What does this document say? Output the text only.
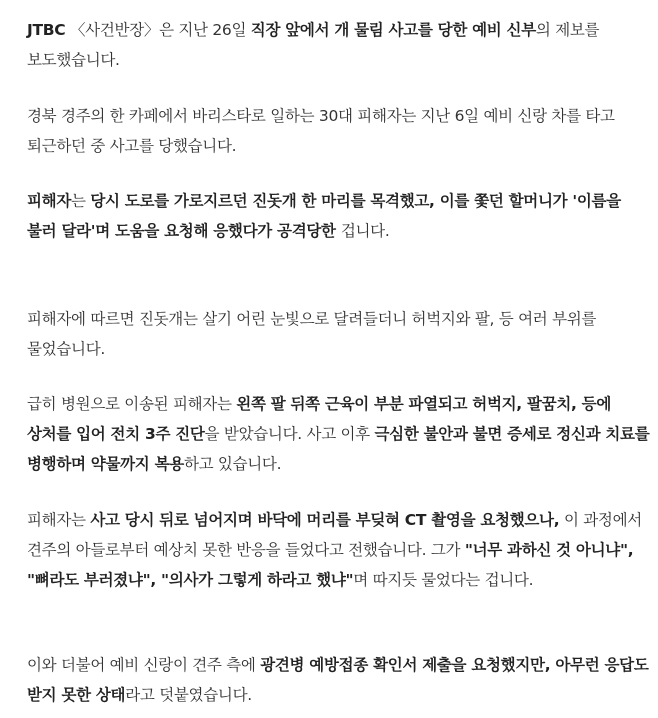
JTBC 〈사건반장〉은 지난 26일 직장 앞에서 개 물림 사고를 당한 예비 신부의 제보를 보도했습니다.

경북 경주의 한 카페에서 바리스타로 일하는 30대 피해자는 지난 6일 예비 신랑 차를 타고 퇴근하던 중 사고를 당했습니다.

피해자는 당시 도로를 가로지르던 진돗개 한 마리를 목격했고, 이를 쫓던 할머니가 '이름을 불러 달라'며 도움을 요청해 응했다가 공격당한 겁니다.

피해자에 따르면 진돗개는 살기 어린 눈빛으로 달려들더니 허벅지와 팔, 등 여러 부위를 물었습니다.

급히 병원으로 이송된 피해자는 왼쪽 팔 뒤쪽 근육이 부분 파열되고 허벅지, 팔꿈치, 등에 상처를 입어 전치 3주 진단을 받았습니다. 사고 이후 극심한 불안과 불면 증세로 정신과 치료를 병행하며 약물까지 복용하고 있습니다.

피해자는 사고 당시 뒤로 넘어지며 바닥에 머리를 부딪혀 CT 촬영을 요청했으나, 이 과정에서 견주의 아들로부터 예상치 못한 반응을 들었다고 전했습니다. 그가 "너무 과하신 것 아니냐", "뼈라도 부러졌냐", "의사가 그렇게 하라고 했냐"며 따지듯 물었다는 겁니다.

이와 더불어 예비 신랑이 견주 측에 광견병 예방접종 확인서 제출을 요청했지만, 아무런 응답도 받지 못한 상태라고 덧붙였습니다.
